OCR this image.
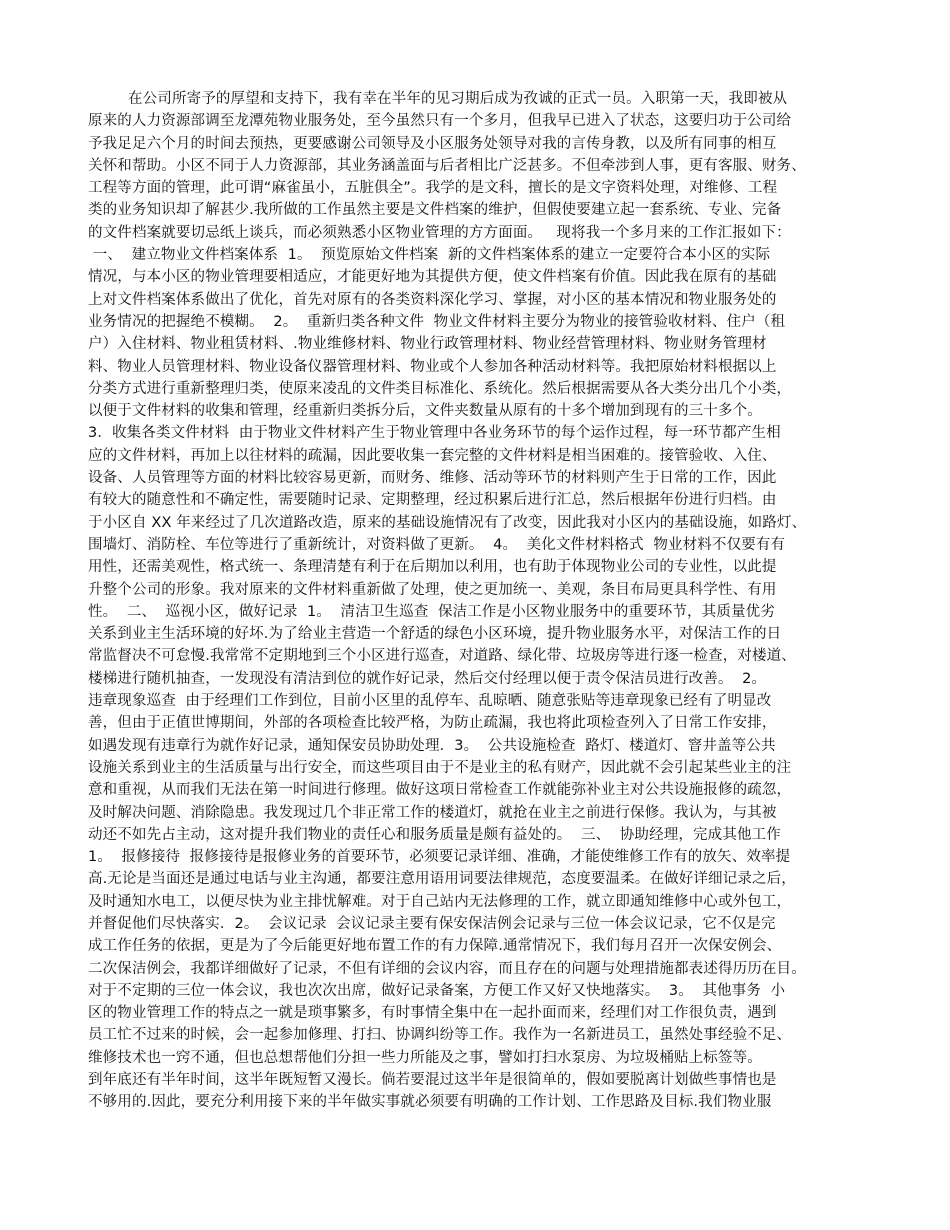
在公司所寄予的厚望和支持下，我有幸在半年的见习期后成为孜诚的正式一员。入职第一天，我即被从
原来的人力资源部调至龙潭苑物业服务处，至今虽然只有一个多月，但我早已进入了状态，这要归功于公司给
予我足足六个月的时间去预热，更要感谢公司领导及小区服务处领导对我的言传身教，以及所有同事的相互
关怀和帮助。小区不同于人力资源部，其业务涵盖面与后者相比广泛甚多。不但牵涉到人事，更有客服、财务、
工程等方面的管理，此可谓“麻雀虽小，五脏俱全”。我学的是文科，擅长的是文字资料处理，对维修、工程
类的业务知识却了解甚少.我所做的工作虽然主要是文件档案的维护，但假使要建立起一套系统、专业、完备
的文件档案就要切忌纸上谈兵，而必须熟悉小区物业管理的方方面面。   现将我一个多月来的工作汇报如下：
一、  建立物业文件档案体系  1。  预览原始文件档案  新的文件档案体系的建立一定要符合本小区的实际
情况，与本小区的物业管理要相适应，才能更好地为其提供方便，使文件档案有价值。因此我在原有的基础
上对文件档案体系做出了优化，首先对原有的各类资料深化学习、掌握，对小区的基本情况和物业服务处的
业务情况的把握绝不模糊。  2。  重新归类各种文件  物业文件材料主要分为物业的接管验收材料、住户（租
户）入住材料、物业租赁材料、.物业维修材料、物业行政管理材料、物业经营管理材料、物业财务管理材
料、物业人员管理材料、物业设备仪器管理材料、物业或个人参加各种活动材料等。我把原始材料根据以上
分类方式进行重新整理归类，使原来凌乱的文件类目标准化、系统化。然后根据需要从各大类分出几个小类，
以便于文件材料的收集和管理，经重新归类拆分后，文件夹数量从原有的十多个增加到现有的三十多个。
3．收集各类文件材料  由于物业文件材料产生于物业管理中各业务环节的每个运作过程，每一环节都产生相
应的文件材料，再加上以往材料的疏漏，因此要收集一套完整的文件材料是相当困难的。接管验收、入住、
设备、人员管理等方面的材料比较容易更新，而财务、维修、活动等环节的材料则产生于日常的工作，因此
有较大的随意性和不确定性，需要随时记录、定期整理，经过积累后进行汇总，然后根据年份进行归档。由
于小区自 XX 年来经过了几次道路改造，原来的基础设施情况有了改变，因此我对小区内的基础设施，如路灯、
围墙灯、消防栓、车位等进行了重新统计，对资料做了更新。  4。  美化文件材料格式  物业材料不仅要有有
用性，还需美观性，格式统一、条理清楚有利于在后期加以利用，也有助于体现物业公司的专业性，以此提
升整个公司的形象。我对原来的文件材料重新做了处理，使之更加统一、美观，条目布局更具科学性、有用
性。  二、  巡视小区，做好记录  1。  清洁卫生巡查  保洁工作是小区物业服务中的重要环节，其质量优劣
关系到业主生活环境的好坏.为了给业主营造一个舒适的绿色小区环境，提升物业服务水平，对保洁工作的日
常监督决不可怠慢.我常常不定期地到三个小区进行巡查，对道路、绿化带、垃圾房等进行逐一检查，对楼道、
楼梯进行随机抽查，一发现没有清洁到位的就作好记录，然后交付经理以便于责令保洁员进行改善。  2。
违章现象巡查  由于经理们工作到位，目前小区里的乱停车、乱晾晒、随意张贴等违章现象已经有了明显改
善，但由于正值世博期间，外部的各项检查比较严格，为防止疏漏，我也将此项检查列入了日常工作安排，
如遇发现有违章行为就作好记录，通知保安员协助处理．3。  公共设施检查  路灯、楼道灯、窨井盖等公共
设施关系到业主的生活质量与出行安全，而这些项目由于不是业主的私有财产，因此就不会引起某些业主的注
意和重视，从而我们无法在第一时间进行修理。做好这项日常检查工作就能弥补业主对公共设施报修的疏忽，
及时解决问题、消除隐患。我发现过几个非正常工作的楼道灯，就抢在业主之前进行保修。我认为，与其被
动还不如先占主动，这对提升我们物业的责任心和服务质量是颇有益处的。  三、  协助经理，完成其他工作
1。  报修接待  报修接待是报修业务的首要环节，必须要记录详细、准确，才能使维修工作有的放矢、效率提
高.无论是当面还是通过电话与业主沟通，都要注意用语用词要法律规范，态度要温柔。在做好详细记录之后，
及时通知水电工，以便尽快为业主排忧解难。对于自己站内无法修理的工作，就立即通知维修中心或外包工，
并督促他们尽快落实．2。  会议记录  会议记录主要有保安保洁例会记录与三位一体会议记录，它不仅是完
成工作任务的依据，更是为了今后能更好地布置工作的有力保障.通常情况下，我们每月召开一次保安例会、
二次保洁例会，我都详细做好了记录，不但有详细的会议内容，而且存在的问题与处理措施都表述得历历在目。
对于不定期的三位一体会议，我也次次出席，做好记录备案，方便工作又好又快地落实。  3。  其他事务  小
区的物业管理工作的特点之一就是琐事繁多，有时事情全集中在一起扑面而来，经理们对工作很负责，遇到
员工忙不过来的时候，会一起参加修理、打扫、协调纠纷等工作。我作为一名新进员工，虽然处事经验不足、
维修技术也一窍不通，但也总想帮他们分担一些力所能及之事，譬如打扫水泵房、为垃圾桶贴上标签等。
到年底还有半年时间，这半年既短暂又漫长。倘若要混过这半年是很简单的，假如要脱离计划做些事情也是
不够用的.因此，要充分利用接下来的半年做实事就必须要有明确的工作计划、工作思路及目标.我们物业服
